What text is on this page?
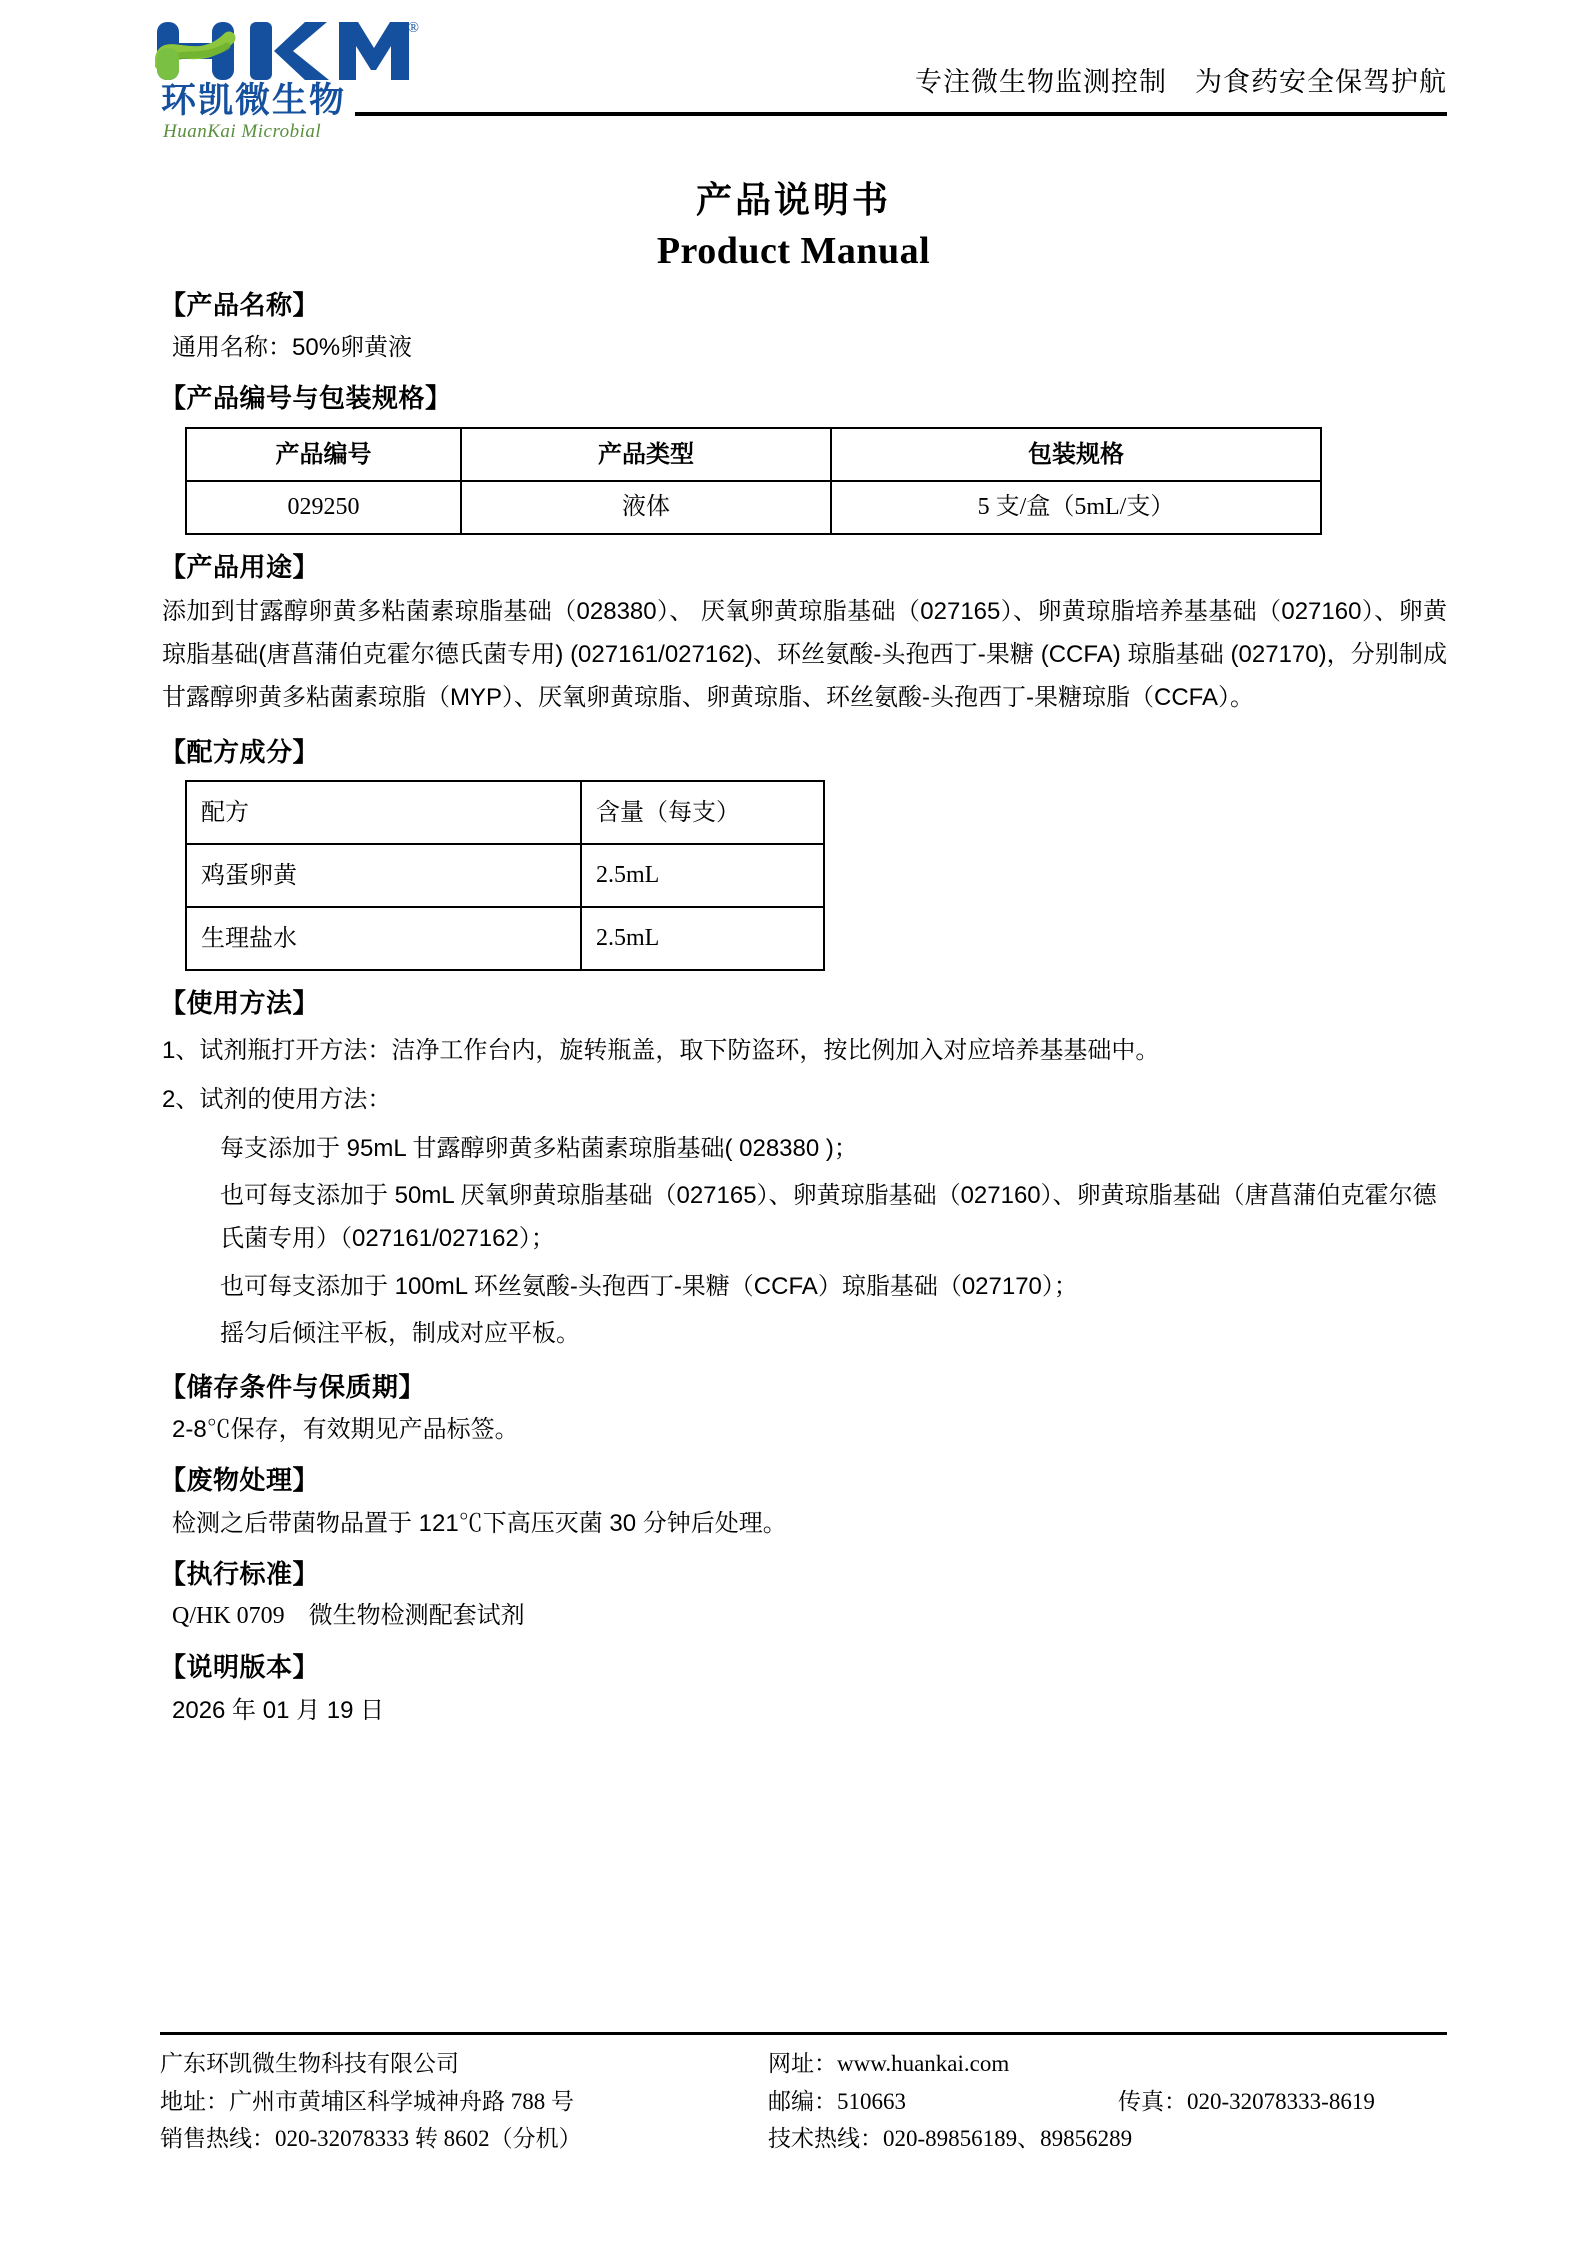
®
环凯微生物
HuanKai Microbial
专注微生物监测控制　为食药安全保驾护航
产品说明书
Product Manual
【产品名称】
通用名称：50%卵黄液
【产品编号与包装规格】
产品编号	产品类型	包装规格
029250	液体	5 支/盒（5mL/支）
【产品用途】
添加到甘露醇卵黄多粘菌素琼脂基础（028380）、 厌氧卵黄琼脂基础（027165）、卵黄琼脂培养基基础（027160）、卵黄琼脂基础(唐菖蒲伯克霍尔德氏菌专用) (027161/027162)、环丝氨酸-头孢西丁-果糖 (CCFA) 琼脂基础 (027170)，分别制成甘露醇卵黄多粘菌素琼脂（MYP）、厌氧卵黄琼脂、卵黄琼脂、环丝氨酸-头孢西丁-果糖琼脂（CCFA）。
【配方成分】
配方	含量（每支）
鸡蛋卵黄	2.5mL
生理盐水	2.5mL
【使用方法】
1、试剂瓶打开方法：洁净工作台内，旋转瓶盖，取下防盗环，按比例加入对应培养基基础中。
2、试剂的使用方法：
每支添加于 95mL 甘露醇卵黄多粘菌素琼脂基础( 028380 )；
也可每支添加于 50mL 厌氧卵黄琼脂基础（027165）、卵黄琼脂基础（027160）、卵黄琼脂基础（唐菖蒲伯克霍尔德氏菌专用）（027161/027162）；
也可每支添加于 100mL 环丝氨酸-头孢西丁-果糖（CCFA）琼脂基础（027170）；
摇匀后倾注平板，制成对应平板。
【储存条件与保质期】
2-8℃保存，有效期见产品标签。
【废物处理】
检测之后带菌物品置于 121℃下高压灭菌 30 分钟后处理。
【执行标准】
Q/HK 0709　微生物检测配套试剂
【说明版本】
2026 年 01 月 19 日
广东环凯微生物科技有限公司
地址：广州市黄埔区科学城神舟路 788 号
销售热线：020-32078333 转 8602（分机）
网址：www.huankai.com
邮编：510663
技术热线：020-89856189、89856289
传真：020-32078333-8619
